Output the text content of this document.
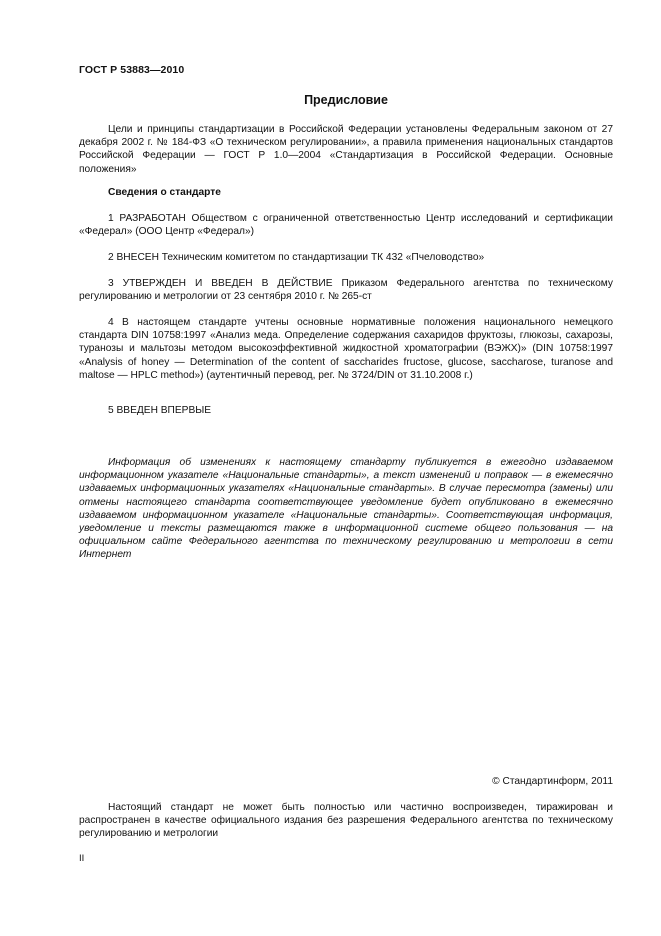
ГОСТ Р 53883—2010
Предисловие

Цели и принципы стандартизации в Российской Федерации установлены Федеральным законом от 27 декабря 2002 г. № 184-ФЗ «О техническом регулировании», а правила применения национальных стандартов Российской Федерации — ГОСТ Р 1.0—2004 «Стандартизация в Российской Федерации. Основные положения»

Сведения о стандарте

1 РАЗРАБОТАН Обществом с ограниченной ответственностью Центр исследований и сертификации «Федерал» (ООО Центр «Федерал»)

2 ВНЕСЕН Техническим комитетом по стандартизации ТК 432 «Пчеловодство»

3 УТВЕРЖДЕН И ВВЕДЕН В ДЕЙСТВИЕ Приказом Федерального агентства по техническому регулированию и метрологии от 23 сентября 2010 г. № 265-ст

4 В настоящем стандарте учтены основные нормативные положения национального немецкого стандарта DIN 10758:1997 «Анализ меда. Определение содержания сахаридов фруктозы, глюкозы, сахарозы, туранозы и мальтозы методом высокоэффективной жидкостной хроматографии (ВЭЖХ)» (DIN 10758:1997 «Analysis of honey — Determination of the content of saccharides fructose, glucose, saccharose, turanose and maltose — HPLC method») (аутентичный перевод, рег. № 3724/DIN от 31.10.2008 г.)

5 ВВЕДЕН ВПЕРВЫЕ

Информация об изменениях к настоящему стандарту публикуется в ежегодно издаваемом информационном указателе «Национальные стандарты», а текст изменений и поправок — в ежемесячно издаваемых информационных указателях «Национальные стандарты». В случае пересмотра (замены) или отмены настоящего стандарта соответствующее уведомление будет опубликовано в ежемесячно издаваемом информационном указателе «Национальные стандарты». Соответствующая информация, уведомление и тексты размещаются также в информационной системе общего пользования — на официальном сайте Федерального агентства по техническому регулированию и метрологии в сети Интернет

© Стандартинформ, 2011

Настоящий стандарт не может быть полностью или частично воспроизведен, тиражирован и распространен в качестве официального издания без разрешения Федерального агентства по техническому регулированию и метрологии

II
